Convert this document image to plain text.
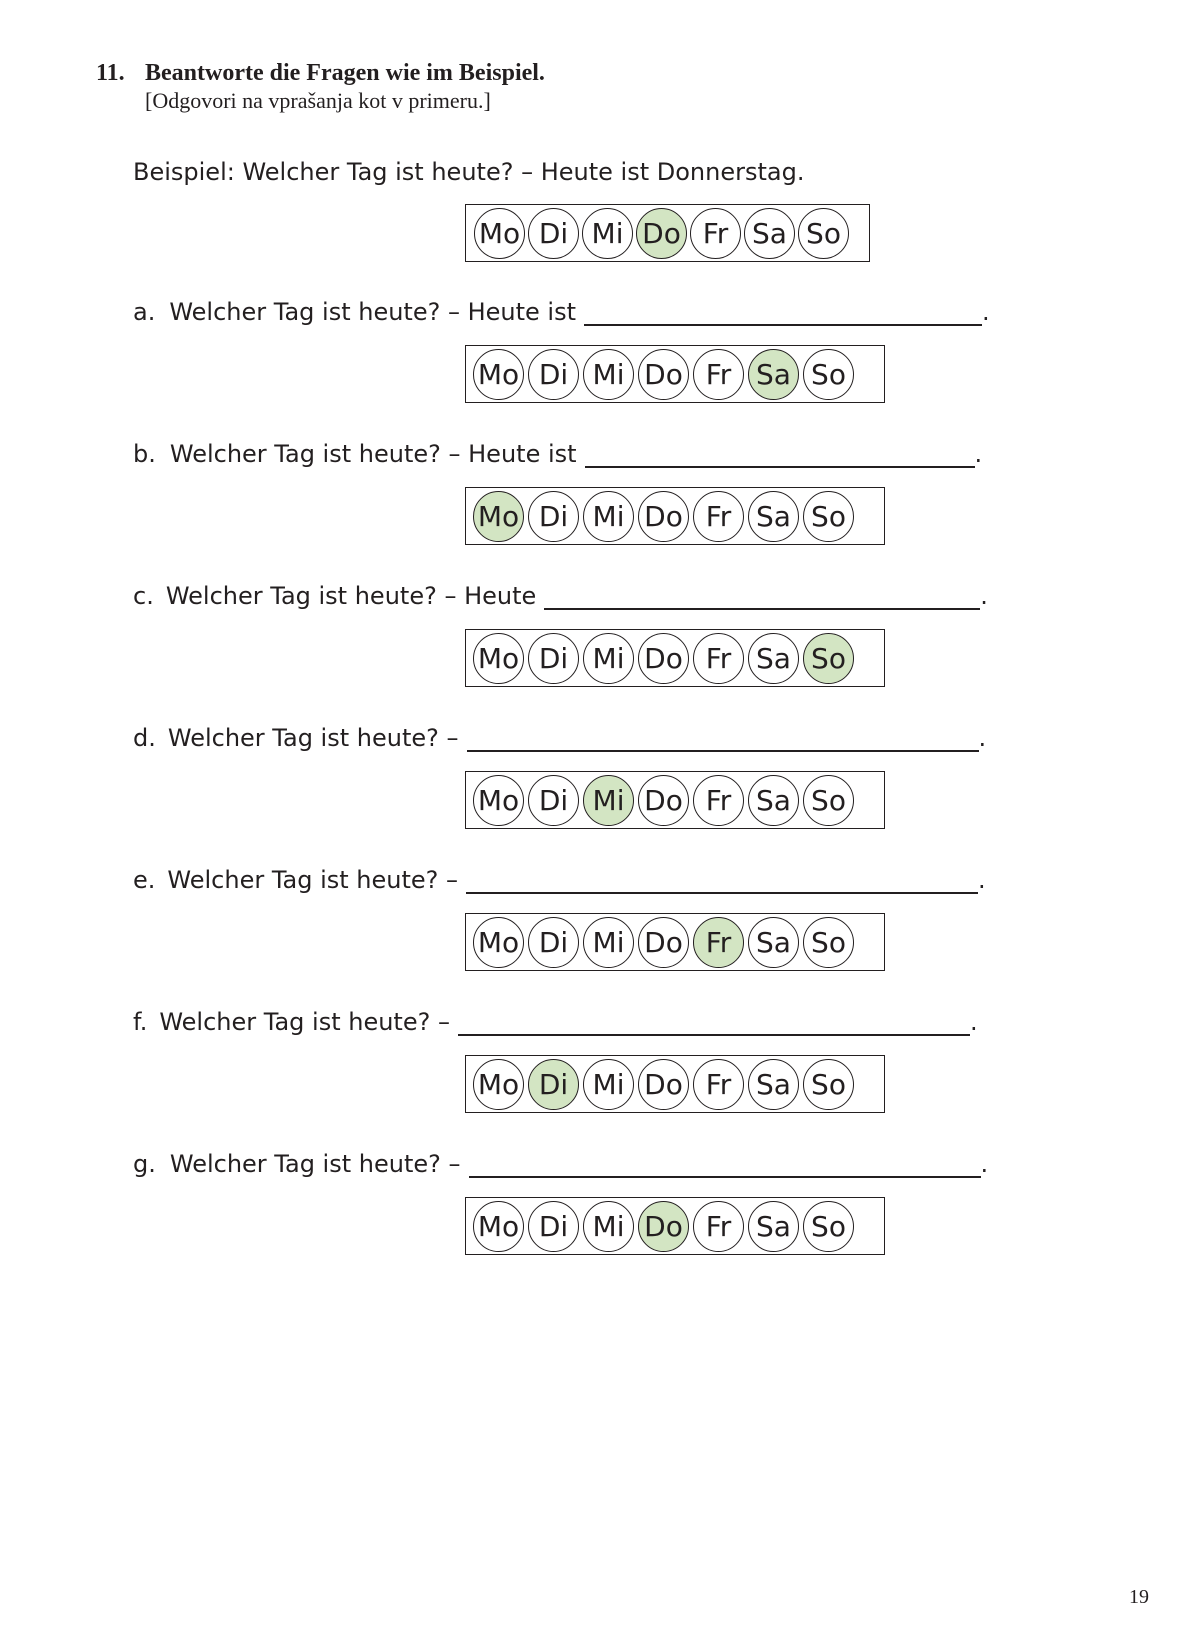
11. Beantworte die Fragen wie im Beispiel.
[Odgovori na vprašanja kot v primeru.]
Beispiel: Welcher Tag ist heute? – Heute ist Donnerstag.
Mo Di Mi Do Fr Sa So
a. Welcher Tag ist heute? – Heute ist	.
Mo Di Mi Do Fr Sa So
b. Welcher Tag ist heute? – Heute ist	.
Mo Di Mi Do Fr Sa So
c. Welcher Tag ist heute? – Heute	.
Mo Di Mi Do Fr Sa So
d. Welcher Tag ist heute? –	.
Mo Di Mi Do Fr Sa So
e. Welcher Tag ist heute? –	.
Mo Di Mi Do Fr Sa So
f. Welcher Tag ist heute? –	.
Mo Di Mi Do Fr Sa So
g. Welcher Tag ist heute? –	.
Mo Di Mi Do Fr Sa So
19
